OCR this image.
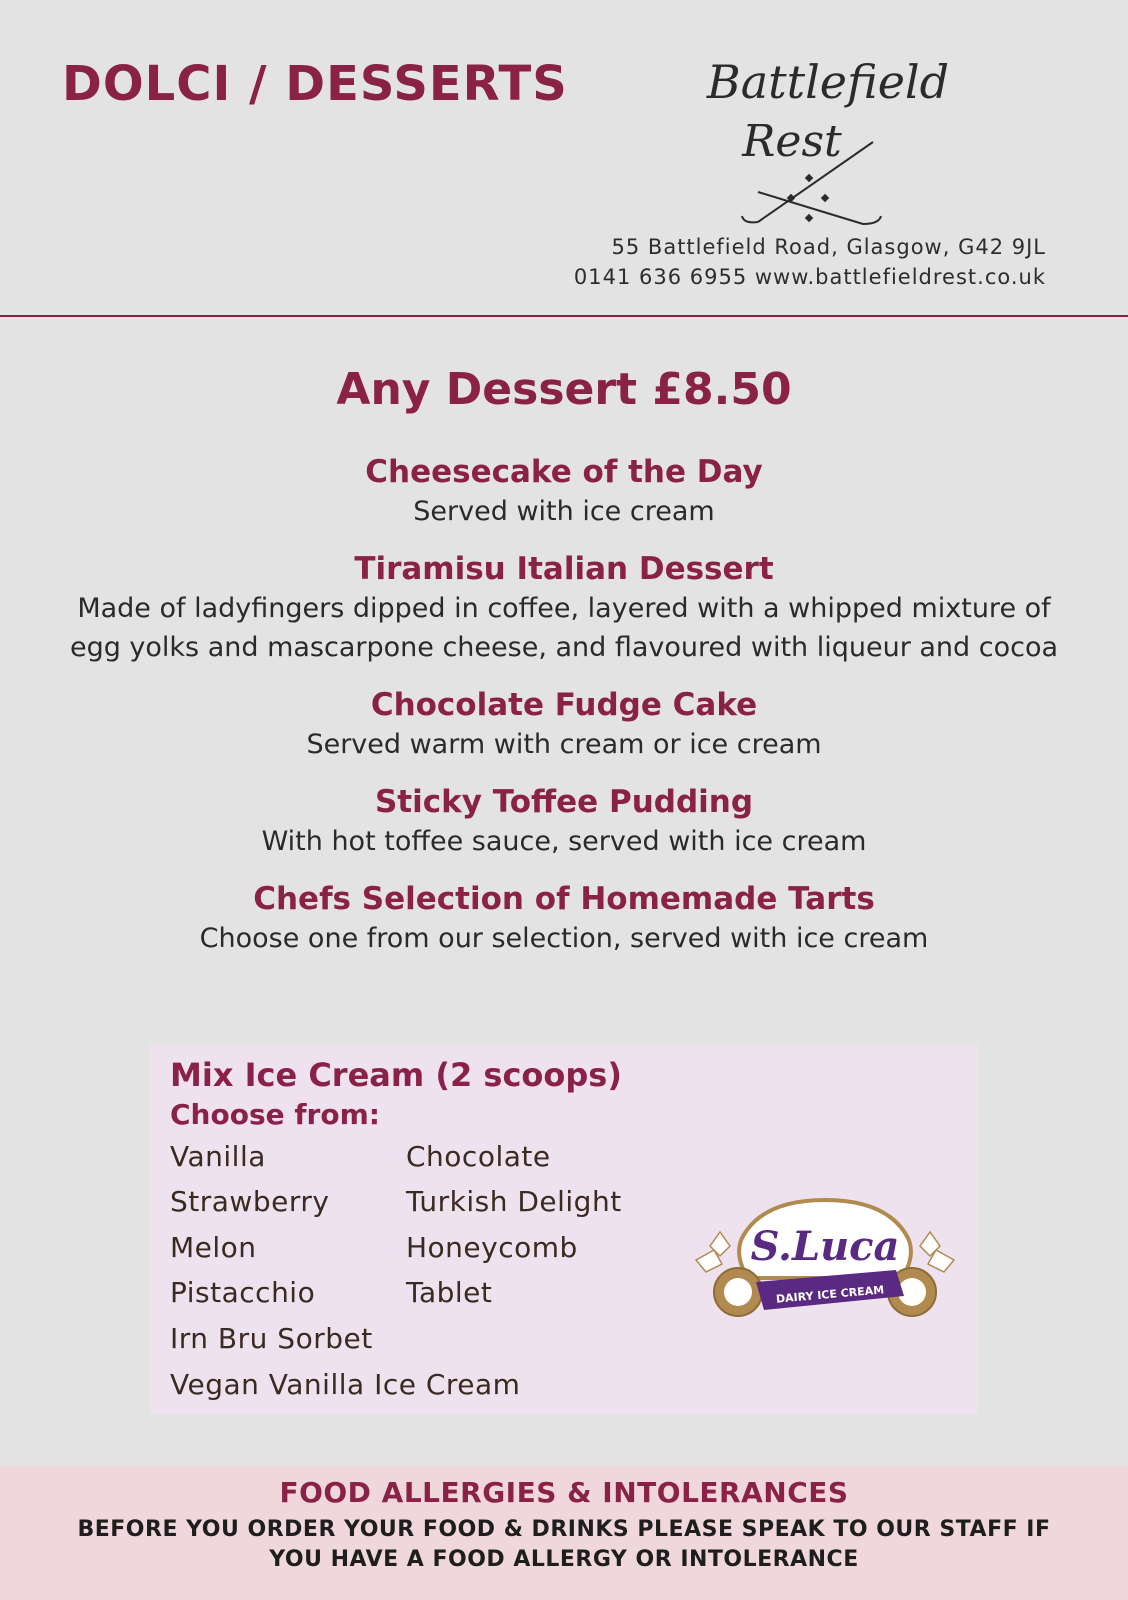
DOLCI / DESSERTS	Battlefield
Rest
55 Battlefield Road, Glasgow, G42 9JL
0141 636 6955 www.battlefieldrest.co.uk
Any Dessert £8.50
Cheesecake of the Day
Served with ice cream
Tiramisu Italian Dessert
Made of ladyfingers dipped in coffee, layered with a whipped mixture of egg yolks and mascarpone cheese, and flavoured with liqueur and cocoa
Chocolate Fudge Cake
Served warm with cream or ice cream
Sticky Toffee Pudding
With hot toffee sauce, served with ice cream
Chefs Selection of Homemade Tarts
Choose one from our selection, served with ice cream
Mix Ice Cream (2 scoops)
Choose from:
Vanilla	Chocolate
Strawberry	Turkish Delight
Melon	Honeycomb
Pistacchio	Tablet
Irn Bru Sorbet
Vegan Vanilla Ice Cream
S.Luca
DAIRY ICE CREAM
FOOD ALLERGIES & INTOLERANCES
BEFORE YOU ORDER YOUR FOOD & DRINKS PLEASE SPEAK TO OUR STAFF IF YOU HAVE A FOOD ALLERGY OR INTOLERANCE
